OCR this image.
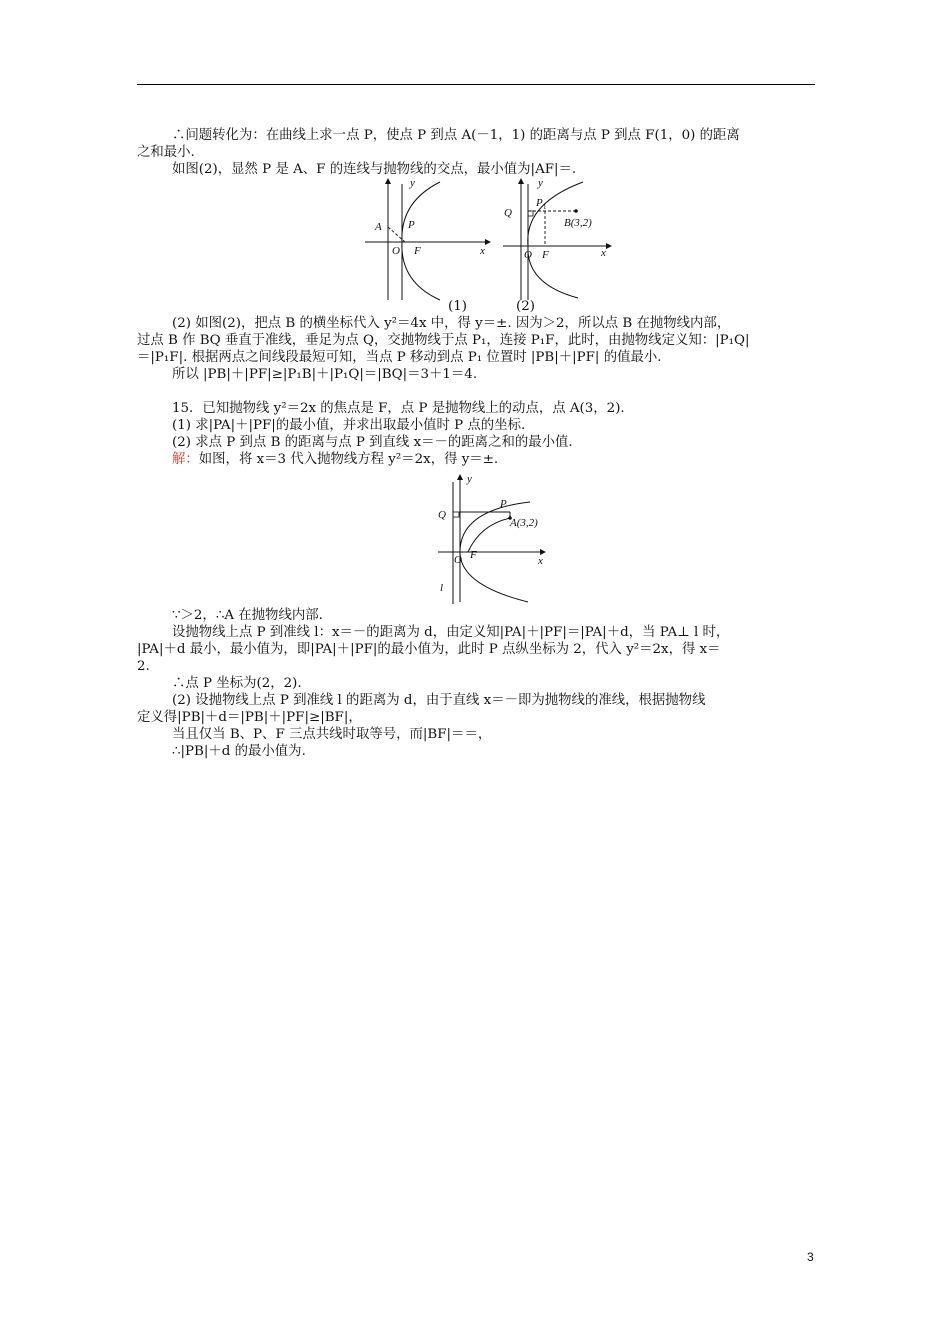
∴问题转化为：在曲线上求一点 P，使点 P 到点 A(－1，1) 的距离与点 P 到点 F(1，0) 的距离
之和最小.
如图(2)，显然 P 是 A、F 的连线与抛物线的交点，最小值为|AF|＝.
y
x
A P
O F
(1)
y
x
Q
P 1
B(3,2)
O F
(2)
(2) 如图(2)，把点 B 的横坐标代入 y²＝4x 中，得 y＝±. 因为＞2，所以点 B 在抛物线内部，
过点 B 作 BQ 垂直于准线，垂足为点 Q，交抛物线于点 P₁，连接 P₁F，此时，由抛物线定义知：|P₁Q|
＝|P₁F|. 根据两点之间线段最短可知，当点 P 移动到点 P₁ 位置时 |PB|＋|PF| 的值最小.
所以 |PB|＋|PF|≥|P₁B|＋|P₁Q|＝|BQ|＝3＋1＝4.
15．已知抛物线 y²＝2x 的焦点是 F，点 P 是抛物线上的动点，点 A(3，2).
(1) 求|PA|＋|PF|的最小值，并求出取最小值时 P 点的坐标.
(2) 求点 P 到点 B 的距离与点 P 到直线 x＝－的距离之和的最小值.
解：如图，将 x＝3 代入抛物线方程 y²＝2x，得 y＝±.
y
x
Q
P
A(3,2)
O F
l
∵＞2，∴A 在抛物线内部.
设抛物线上点 P 到准线 l：x＝－的距离为 d，由定义知|PA|＋|PF|＝|PA|＋d，当 PA⊥ l 时，
|PA|＋d 最小，最小值为，即|PA|＋|PF|的最小值为，此时 P 点纵坐标为 2，代入 y²＝2x，得 x＝
2.
∴点 P 坐标为(2，2).
(2) 设抛物线上点 P 到准线 l 的距离为 d，由于直线 x＝－即为抛物线的准线，根据抛物线
定义得|PB|＋d＝|PB|＋|PF|≥|BF|，
当且仅当 B、P、F 三点共线时取等号，而|BF|＝＝，
∴|PB|＋d 的最小值为.
3
